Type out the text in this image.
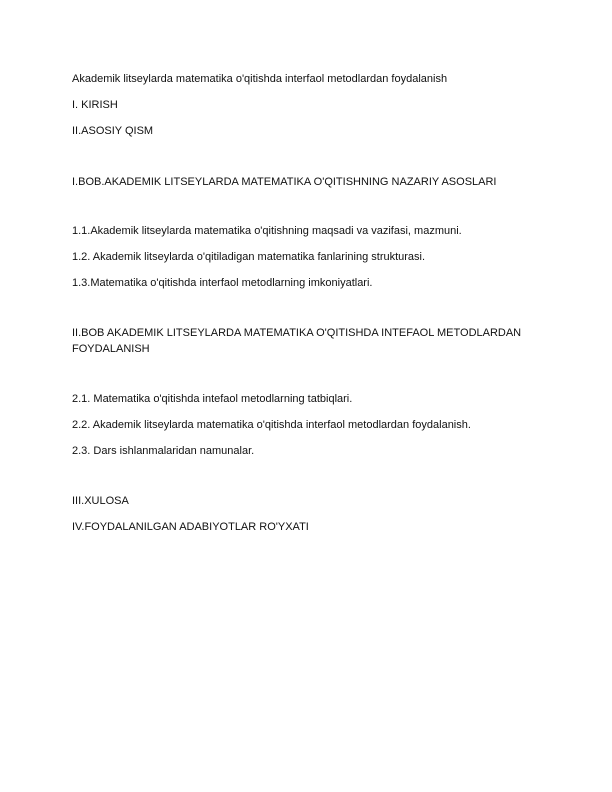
Akademik litseylarda matematika o'qitishda interfaol metodlardan foydalanish

I. KIRISH

II.ASOSIY QISM

I.BOB.AKADEMIK LITSEYLARDA MATEMATIKA O'QITISHNING NAZARIY ASOSLARI

1.1.Akademik litseylarda matematika o'qitishning maqsadi va vazifasi, mazmuni.

1.2. Akademik litseylarda o'qitiladigan matematika fanlarining strukturasi.

1.3.Matematika o'qitishda interfaol metodlarning imkoniyatlari.

II.BOB AKADEMIK LITSEYLARDA MATEMATIKA O'QITISHDA INTEFAOL METODLARDAN FOYDALANISH

2.1. Matematika o'qitishda intefaol metodlarning tatbiqlari.

2.2. Akademik litseylarda matematika o'qitishda interfaol metodlardan foydalanish.

2.3. Dars ishlanmalaridan namunalar.

III.XULOSA

IV.FOYDALANILGAN ADABIYOTLAR RO'YXATI
